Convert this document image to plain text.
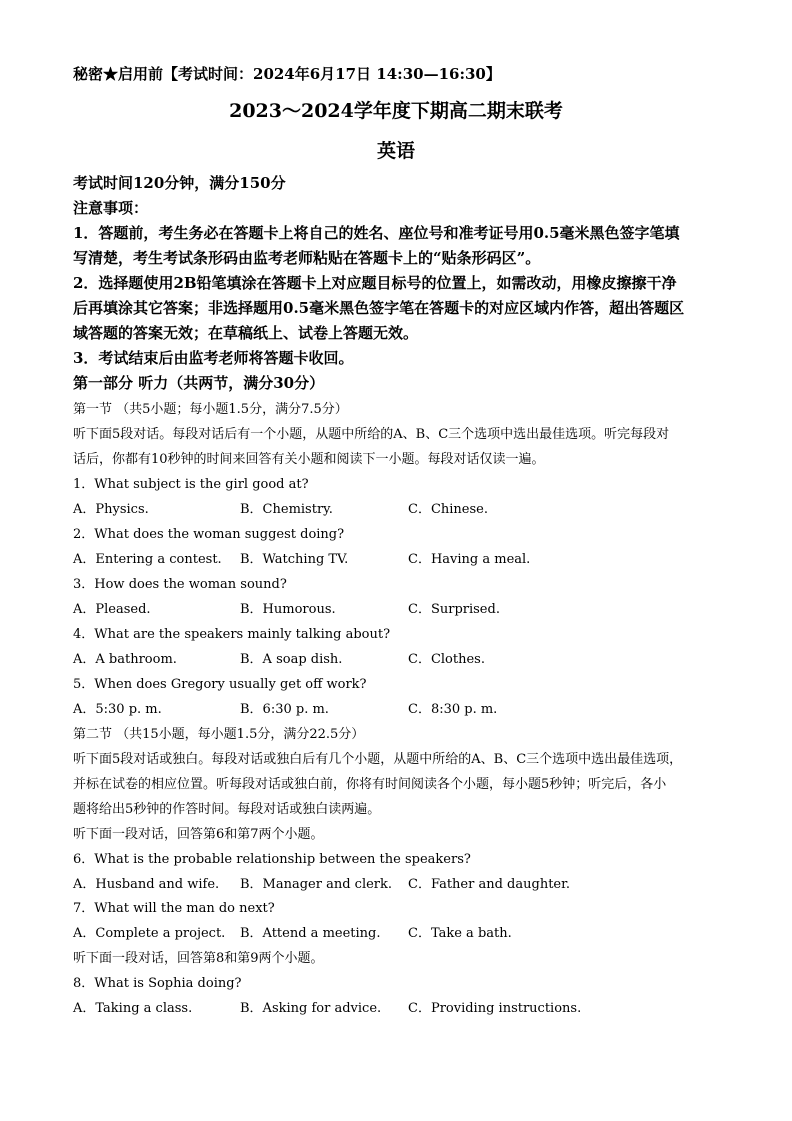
秘密★启用前【考试时间：2024年6月17日 14:30—16:30】
2023～2024学年度下期高二期末联考
英语
考试时间120分钟，满分150分
注意事项：
1．答题前，考生务必在答题卡上将自己的姓名、座位号和准考证号用0.5毫米黑色签字笔填
写清楚，考生考试条形码由监考老师粘贴在答题卡上的“贴条形码区”。
2．选择题使用2B铅笔填涂在答题卡上对应题目标号的位置上，如需改动，用橡皮擦擦干净
后再填涂其它答案；非选择题用0.5毫米黑色签字笔在答题卡的对应区域内作答，超出答题区
域答题的答案无效；在草稿纸上、试卷上答题无效。
3．考试结束后由监考老师将答题卡收回。
第一部分 听力（共两节，满分30分）
第一节 （共5小题；每小题1.5分，满分7.5分）
听下面5段对话。每段对话后有一个小题，从题中所给的A、B、C三个选项中选出最佳选项。听完每段对
话后，你都有10秒钟的时间来回答有关小题和阅读下一小题。每段对话仅读一遍。
1．What subject is the girl good at?
A．Physics.	B．Chemistry.	C．Chinese.
2．What does the woman suggest doing?
A．Entering a contest. B．Watching TV.	C．Having a meal.
3．How does the woman sound?
A．Pleased.	B．Humorous.	C．Surprised.
4．What are the speakers mainly talking about?
A．A bathroom.	B．A soap dish.	C．Clothes.
5．When does Gregory usually get off work?
A．5:30 p. m.	B．6:30 p. m.	C．8:30 p. m.
第二节 （共15小题，每小题1.5分，满分22.5分）
听下面5段对话或独白。每段对话或独白后有几个小题，从题中所给的A、B、C三个选项中选出最佳选项，
并标在试卷的相应位置。听每段对话或独白前，你将有时间阅读各个小题，每小题5秒钟；听完后，各小
题将给出5秒钟的作答时间。每段对话或独白读两遍。
听下面一段对话，回答第6和第7两个小题。
6．What is the probable relationship between the speakers?
A．Husband and wife. B．Manager and clerk. C．Father and daughter.
7．What will the man do next?
A．Complete a project. B．Attend a meeting. C．Take a bath.
听下面一段对话，回答第8和第9两个小题。
8．What is Sophia doing?
A．Taking a class.	B．Asking for advice. C．Providing instructions.
